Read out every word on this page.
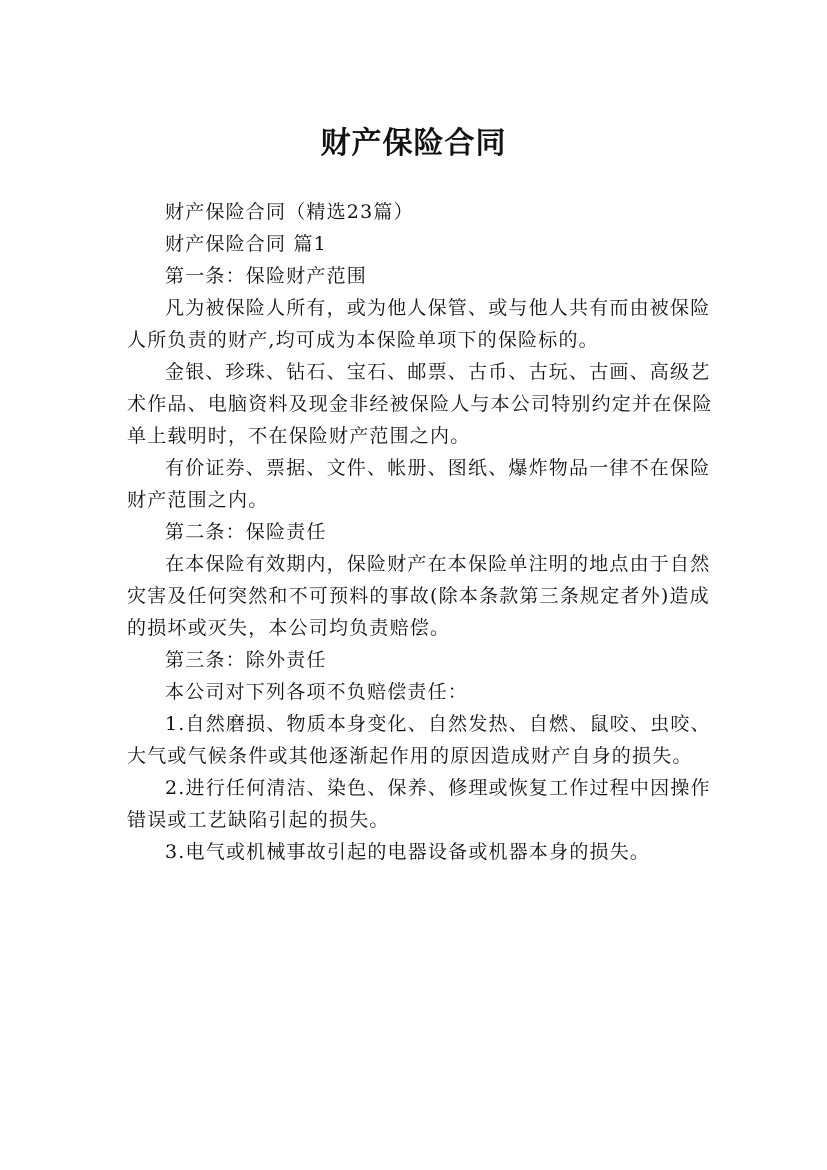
财产保险合同

财产保险合同（精选23篇）

财产保险合同 篇1

第一条：保险财产范围

凡为被保险人所有，或为他人保管、或与他人共有而由被保险人所负责的财产,均可成为本保险单项下的保险标的。

金银、珍珠、钻石、宝石、邮票、古币、古玩、古画、高级艺术作品、电脑资料及现金非经被保险人与本公司特别约定并在保险单上载明时，不在保险财产范围之内。

有价证券、票据、文件、帐册、图纸、爆炸物品一律不在保险财产范围之内。

第二条：保险责任

在本保险有效期内，保险财产在本保险单注明的地点由于自然灾害及任何突然和不可预料的事故(除本条款第三条规定者外)造成的损坏或灭失，本公司均负责赔偿。

第三条：除外责任

本公司对下列各项不负赔偿责任：

1.自然磨损、物质本身变化、自然发热、自燃、鼠咬、虫咬、大气或气候条件或其他逐渐起作用的原因造成财产自身的损失。

2.进行任何清洁、染色、保养、修理或恢复工作过程中因操作错误或工艺缺陷引起的损失。

3.电气或机械事故引起的电器设备或机器本身的损失。
